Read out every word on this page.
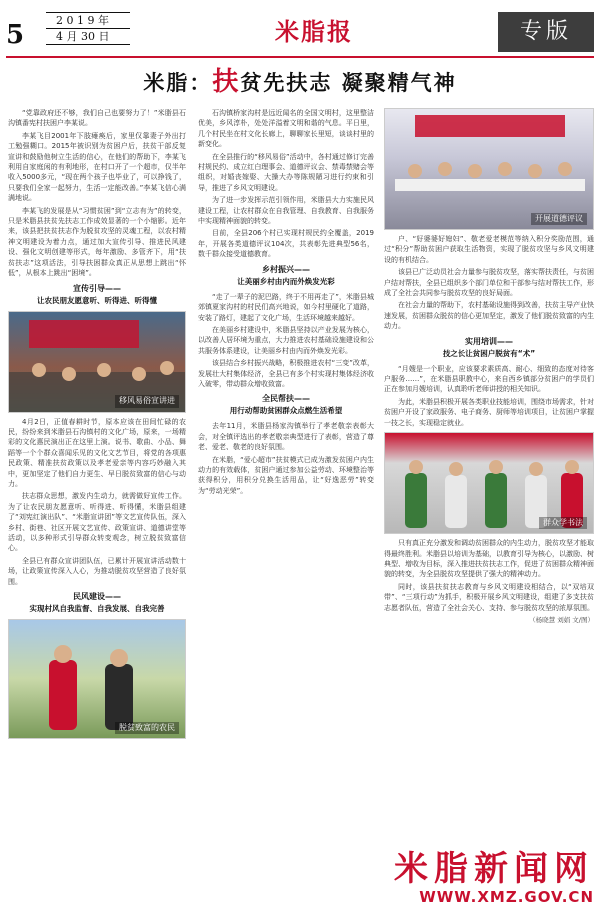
5	2 0 1 9 年
4 月 30 日	米脂报	专版
米脂：扶贫先扶志 凝聚精气神

“党靠政府还不够，我们自己也要努力了！”米脂县石沟镇番宪村扶困户李某说。

李某飞目2001年下肢瘫痪后，家里仅靠妻子外出打工勉强糊口。2015年被识别为贫困户后，扶贫干部反复宣讲和鼓励他树立生活的信心，在他们的帮助下，李某飞利用自家庭闲的有利地形，在村口开了一个超市，仅半年收入5000多元，“现在两个孩子也毕业了，可以挣钱了，只要我们全家一起努力，生活一定能改善。”李某飞信心满满地说。

李某飞的发展是从“习惯贫困”到“立志有为”的转变，只是米脂县扶贫先扶志工作成效显著的一个小缩影。近年来，该县把扶贫扶志作为脱贫攻坚的灵魂工程，以农村精神文明建设为着力点，通过加大宣传引导、推进民风建设、强化文明创建等形式，每年激励、多管齐下，用“扶贫扶志”这项活法，引导扶困群众真正从思想上跳出“怀低”，从根本上跳出“困境”。

宣传引导——
让农民朋友愿意听、听得进、听得懂
移风易俗宣讲进

4月2日，正值春耕时节，原本应该在田间忙碌的农民，纷纷来到米脂县石沟镇村的文化广场，原来，一场精彩的文化惠民演出正在这里上演。说书、歌曲、小品、舞蹈等一个个群众喜闻乐见的文化文艺节目，将党的各项惠民政策、精准扶贫政策以及孝老爱亲等内容巧妙融入其中，更加坚定了他们自力更生、早日脱贫致富的信心与动力。

扶志群众思想，激发内生动力，就需做好宣传工作。为了让农民朋友愿意听、听得进、听得懂，米脂县组建了“刘宪红演出队”、“米脂宣讲团”等文艺宣传队伍，深入乡村、街巷、社区开展文艺宣传、政策宣讲、道德讲堂等活动，以多种形式引导群众转变观念，树立脱贫致富信心。

全县已有群众宣讲团队伍，已累计开展宣讲活动数十场，让政策宣传深入人心，为推动脱贫攻坚营造了良好氛围。

民风建设——
实现村风自我监督、自我发展、自我完善
脱贫致富的农民

石沟镇桥家沟村是远近闻名的全国文明村，这里整洁优美，乡风淳朴，处处洋溢着文明和谐的气息。平日里，几个村民坐在村文化长廊上，聊聊家长里短，谈谈村里的新变化。

在全县推行的“移风易俗”活动中，各村通过修订完善村规民约、成立红白理事会、道德评议会、禁毒禁赌会等组织，对婚丧嫁娶、大操大办等陈规陋习进行约束和引导，推进了乡风文明建设。

为了进一步发挥示范引领作用，米脂县大力实施民风建设工程，让农村群众在自我管理、自我教育、自我服务中实现精神面貌的转变。

目前，全县206个村已实现村规民约全覆盖，2019年，开展各类道德评议104次，共表彰先进典型56名，数千群众接受道德教育。

乡村振兴——
让美丽乡村由内而外焕发光彩

“走了一辈子的泥巴路，终于不用再走了”，米脂县城郊镇夏家沟村的村民们高兴地说，如今村里硬化了道路，安装了路灯，建起了文化广场，生活环境越来越好。

在美丽乡村建设中，米脂县坚持以产业发展为核心，以改善人居环境为重点，大力推进农村基础设施建设和公共服务体系建设，让美丽乡村由内而外焕发光彩。

该县结合乡村振兴战略，积极推进农村“三变”改革，发展壮大村集体经济，全县已有多个村实现村集体经济收入破零，带动群众增收致富。

全民帮扶——
用行动帮助贫困群众点燃生活希望

去年11月，米脂县杨家沟镇举行了孝老敬亲表彰大会，对全镇评选出的孝老敬亲典型进行了表彰，营造了尊老、爱老、敬老的良好氛围。

在米脂，“爱心超市”扶贫模式已成为激发贫困户内生动力的有效载体，贫困户通过参加公益劳动、环境整治等获得积分，用积分兑换生活用品，让“好逸恶劳”转变为“劳动光荣”。

开展道德评议

户、“好婆婆好媳妇”、敬老爱老模范等纳入积分奖励范围，通过“积分”帮助贫困户获取生活物资，实现了脱贫攻坚与乡风文明建设的有机结合。

该县已广泛动员社会力量参与脱贫攻坚，落实帮扶责任，与贫困户结对帮扶，全县已组织多个部门单位和干部参与结对帮扶工作，形成了全社会共同参与脱贫攻坚的良好局面。

在社会力量的帮助下，农村基础设施得到改善，扶贫主导产业快速发展，贫困群众脱贫的信心更加坚定，激发了他们脱贫致富的内生动力。

实用培训——
技之长让贫困户脱贫有“术”

“月嫂是一个职业，应该要求素质高、耐心、细致的态度对待客户服务……”，在米脂县职教中心，来自西乡镇部分贫困户的学员们正在参加月嫂培训，认真聆听老师讲授的相关知识。

为此，米脂县积极开展各类职业技能培训，围绕市场需求，针对贫困户开设了家政服务、电子商务、厨师等培训项目，让贫困户掌握一技之长，实现稳定就业。

群众学书法

只有真正充分激发和调动贫困群众的内生动力，脱贫攻坚才能取得最终胜利。米脂县以培训为基础，以教育引导为核心，以激励、树典型、增收为目标，深入推进扶贫扶志工作，促进了贫困群众精神面貌的转变，为全县脱贫攻坚提供了强大的精神动力。

同时，该县扶贫扶志教育与乡风文明建设相结合，以“双培双带”、“三项行动”为抓手，积极开展乡风文明建设，组建了多支扶贫志愿者队伍，营造了全社会关心、支持、参与脱贫攻坚的浓厚氛围。

（杨晓慧 刘娟 文/图）
米脂新闻网
WWW.XMZ.GOV.CN
